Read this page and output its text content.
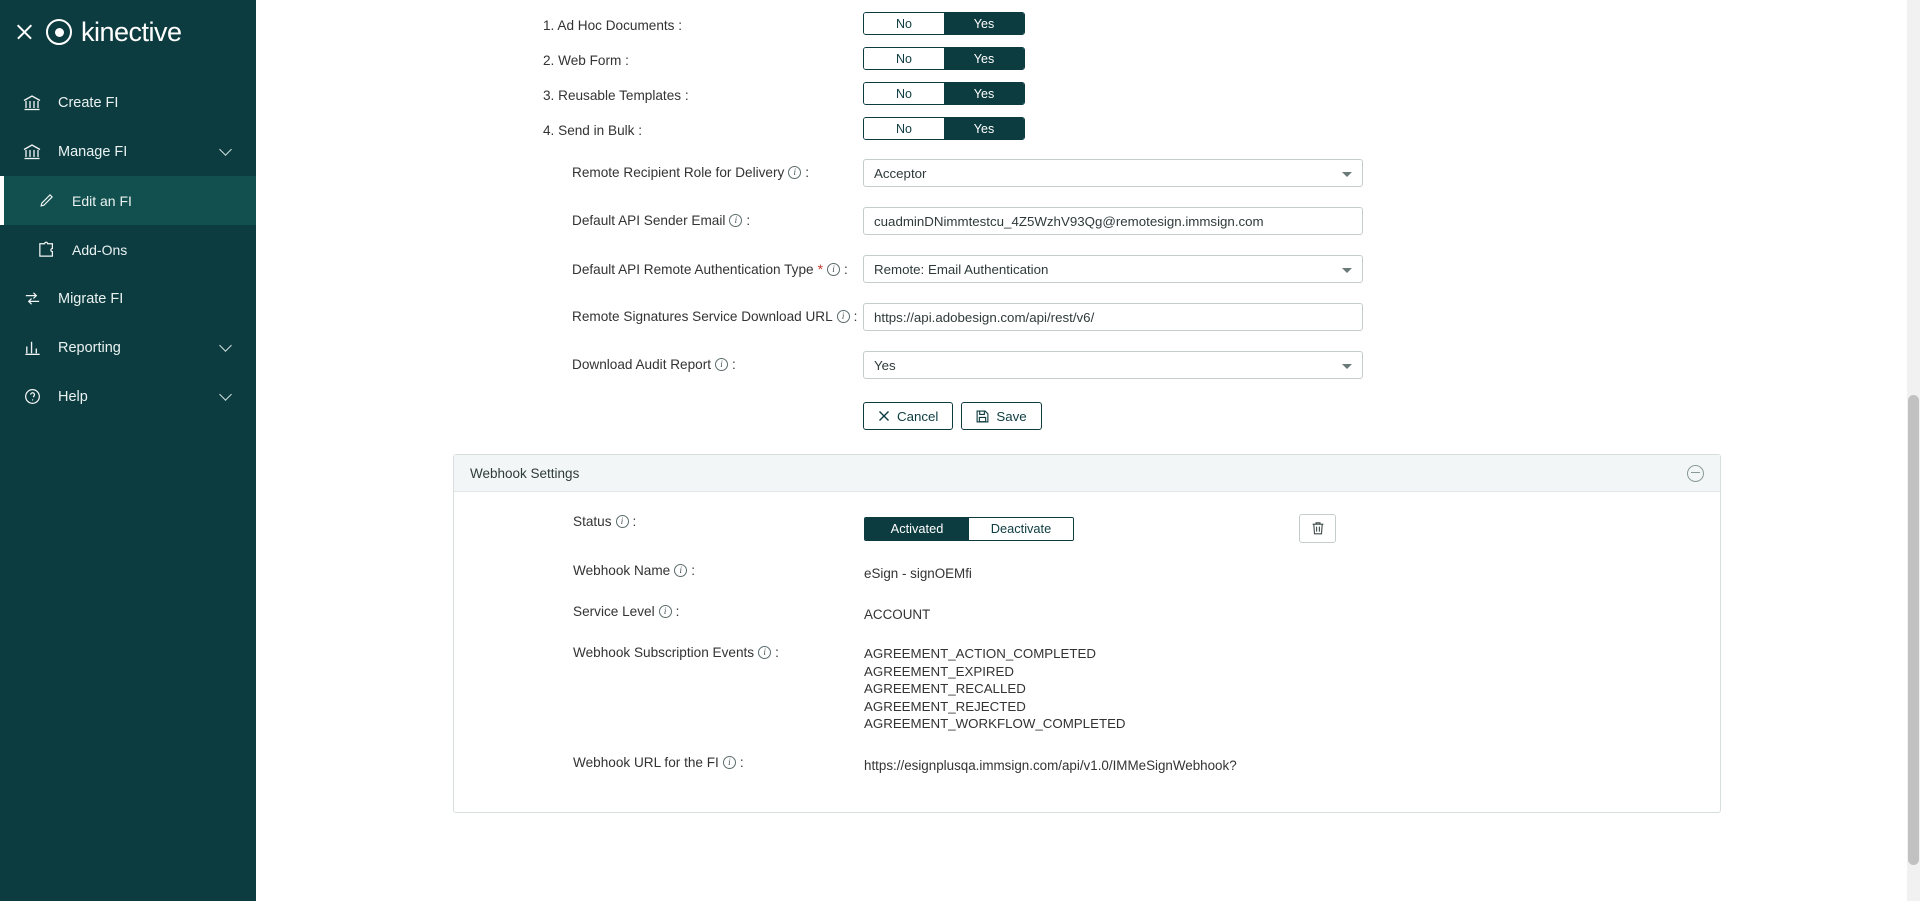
kinective
Create FI
Manage FI
Edit an FI
Add-Ons
Migrate FI
Reporting
Help
1. Ad Hoc Documents :	No	Yes
2. Web Form :	No	Yes
3. Reusable Templates :	No	Yes
4. Send in Bulk :	No	Yes
Remote Recipient Role for Delivery	i :	Acceptor
Default API Sender Email	i :	cuadminDNimmtestcu_4Z5WzhV93Qg@remotesign.immsign.com
Default API Remote Authentication Type *	i : Remote: Email Authentication
Remote Signatures Service Download URL	i : https://api.adobesign.com/api/rest/v6/
Download Audit Report	i :	Yes
Cancel	Save
Webhook Settings
Status	i :	Activated	Deactivate
Webhook Name	i :	eSign - signOEMfi
Service Level	i :	ACCOUNT
Webhook Subscription Events	i :	AGREEMENT_ACTION_COMPLETED
AGREEMENT_EXPIRED
AGREEMENT_RECALLED
AGREEMENT_REJECTED
AGREEMENT_WORKFLOW_COMPLETED
Webhook URL for the FI	i :	https://esignplusqa.immsign.com/api/v1.0/IMMeSignWebhook?
